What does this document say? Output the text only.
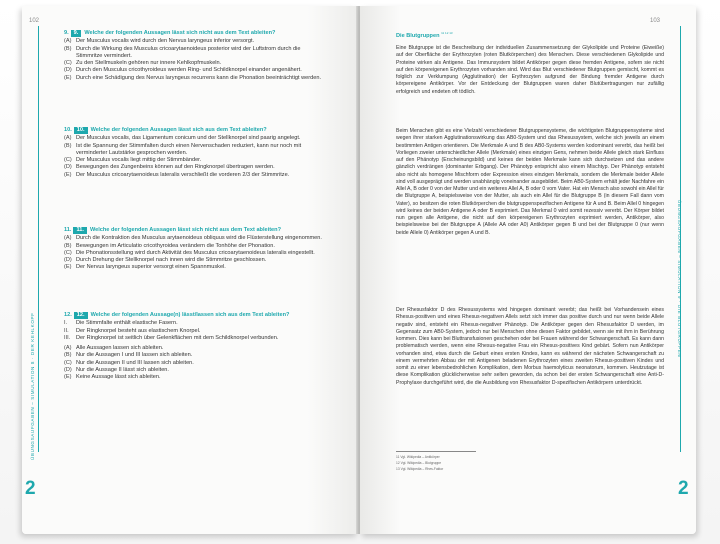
102	103
ÜBUNGSAUFGABEN – SIMULATION 8 · DER KEHLKOPF
2
ÜBUNGSAUFGABEN – SIMULATION 9 · DIE BLUTGRUPPEN
2
9. 9. Welche der folgenden Aussagen lässt sich nicht aus dem Text ableiten?
(A) Der Musculus vocalis wird durch den Nervus laryngeus inferior versorgt.
(B) Durch die Wirkung des Musculus cricoarytaenoideus posterior wird der Luftstrom durch die Stimmritze vermindert.
(C) Zu den Stellmuskeln gehören nur innere Kehlkopfmuskeln.
(D) Durch den Musculus cricothyroideus werden Ring- und Schildknorpel einander angenähert.
(E) Durch eine Schädigung des Nervus laryngeus recurrens kann die Phonation beeinträchtigt werden.
10. 10. Welche der folgenden Aussagen lässt sich aus dem Text ableiten?
(A) Der Musculus vocalis, das Ligamentum conicum und der Stellknorpel sind paarig angelegt.
(B) Ist die Spannung der Stimmfalten durch einen Nervenschaden reduziert, kann nur noch mit verminderter Lautstärke gesprochen werden.
(C) Der Musculus vocalis liegt mittig der Stimmbänder.
(D) Bewegungen des Zungenbeins können auf den Ringknorpel übertragen werden.
(E) Der Musculus cricoarytaenoideus lateralis verschließt die vorderen 2/3 der Stimmritze.
11. 11. Welche der folgenden Aussagen lässt sich nicht aus dem Text ableiten?
(A) Durch die Kontraktion des Musculus arytaenoideus obliquus wird die Flüsterstellung eingenommen.
(B) Bewegungen im Articulatio cricothyroidea verändern die Tonhöhe der Phonation.
(C) Die Phonationsstellung wird durch Aktivität des Musculus cricoarytaenoideus lateralis eingestellt.
(D) Durch Drehung der Stellknorpel nach innen wird die Stimmritze geschlossen.
(E) Der Nervus laryngeus superior versorgt einen Spannmuskel.
12. 12. Welche der folgenden Aussage(n) lässt/lassen sich aus dem Text ableiten?
I.	Die Stimmfalte enthält elastische Fasern.
II.	Der Ringknorpel besteht aus elastischem Knorpel.
III.	Der Ringknorpel ist seitlich über Gelenkflächen mit dem Schildknorpel verbunden.
(A) Alle Aussagen lassen sich ableiten.
(B) Nur die Aussagen I und III lassen sich ableiten.
(C) Nur die Aussagen II und III lassen sich ableiten.
(D) Nur die Aussage II lässt sich ableiten.
(E) Keine Aussage lässt sich ableiten.
Die Blutgruppen $^{11 12 13}$
Eine Blutgruppe ist die Beschreibung der individuellen Zusammensetzung der Glykolipide und Proteine (Eiweiße) auf der Oberfläche der Erythrozyten (roten Blutkörperchen) des Menschen. Diese verschiedenen Glykolipide und Proteine wirken als Antigene. Das Immunsystem bildet Antikörper gegen diese fremden Antigene, sofern sie nicht auf den körpereigenen Erythrozyten vorhanden sind. Wird das Blut verschiedener Blutgruppen gemischt, kommt es folglich zur Verklumpung (Agglutination) der Erythrozyten aufgrund der Bindung fremder Antigene durch körpereigene Antikörper. Vor der Entdeckung der Blutgruppen waren daher Blutübertragungen nur zufällig erfolgreich und endeten oft tödlich.
Beim Menschen gibt es eine Vielzahl verschiedener Blutgruppensysteme, die wichtigsten Blutgruppensysteme sind wegen ihrer starken Agglutinationswirkung das AB0-System und das Rhesussystem, welche sich jeweils an einem bestimmten Antigen orientieren. Die Merkmale A und B des AB0-Systems werden kodominant vererbt, das heißt bei Vorliegen zweier unterschiedlicher Allele (Merkmale) eines einzigen Gens, nehmen beide Allele gleich stark Einfluss auf den Phänotyp (Erscheinungsbild) und keines der beiden Merkmale kann sich durchsetzen und das andere gänzlich verdrängen (dominanter Erbgang). Der Phänotyp entspricht also einem Mischtyp. Der Phänotyp entsteht also nicht als homogene Mischform oder Expression eines einzigen Merkmals, sondern die Merkmale beider Allele sind voll ausgeprägt und werden unabhängig voneinander ausgebildet. Beim AB0-System erhält jeder Nachfahre ein Allel A, B oder 0 von der Mutter und ein weiteres Allel A, B oder 0 vom Vater. Hat ein Mensch also sowohl ein Allel für die Blutgruppe A, beispielsweise von der Mutter, als auch ein Allel für die Blutgruppe B (in diesem Fall dann vom Vater), so besitzen die roten Blutkörperchen die blutgruppenspezifischen Antigene für A und B. Beim Allel 0 hingegen wird keines der beiden Antigene A oder B exprimiert. Das Merkmal 0 wird somit rezessiv vererbt. Der Körper bildet nun gegen alle Antigene, die nicht auf den körpereigenen Erythrozyten exprimiert werden, Antikörper, also beispielsweise bei der Blutgruppe A (Allele AA oder A0) Antikörper gegen B und bei der Blutgruppe 0 (nur wenn beide Allele 0) Antikörper gegen A und B.
Der Rhesusfaktor D des Rhesussystems wird hingegen dominant vererbt; das heißt bei Vorhandensein eines Rhesus-positiven und eines Rhesus-negativen Allels setzt sich immer das positive durch und nur wenn beide Allele negativ sind, entsteht ein Rhesus-negativer Phänotyp. Die Antikörper gegen den Rhesusfaktor D werden, im Gegensatz zum AB0-System, jedoch nur bei Menschen ohne diesen Faktor gebildet, wenn sie mit ihm in Berührung kommen. Dies kann bei Bluttransfusionen geschehen oder bei Frauen während der Schwangerschaft. Es kann dann problematisch werden, wenn eine Rhesus-negative Frau ein Rhesus-positives Kind gebärt. Sofern nun Antikörper vorhanden sind, etwa durch die Geburt eines ersten Kindes, kann es während der nächsten Schwangerschaft zu einem vermehrten Abbau der mit Antigenen beladenen Erythrozyten eines zweiten Rhesus-positiven Kindes und somit zu einer lebensbedrohlichen Komplikation, dem Morbus haemolyticus neonatorum, kommen. Heutzutage ist diese Komplikation glücklicherweise sehr selten geworden, da schon bei der ersten Schwangerschaft eine Anti-D-Prophylaxe durchgeführt wird, die die Ausbildung von Rhesusfaktor D-spezifischen Antikörpern unterdrückt.
11 Vgl. Wikipedia – Antikörper
12 Vgl. Wikipedia – Blutgruppe
13 Vgl. Wikipedia – Rhes-Faktor
